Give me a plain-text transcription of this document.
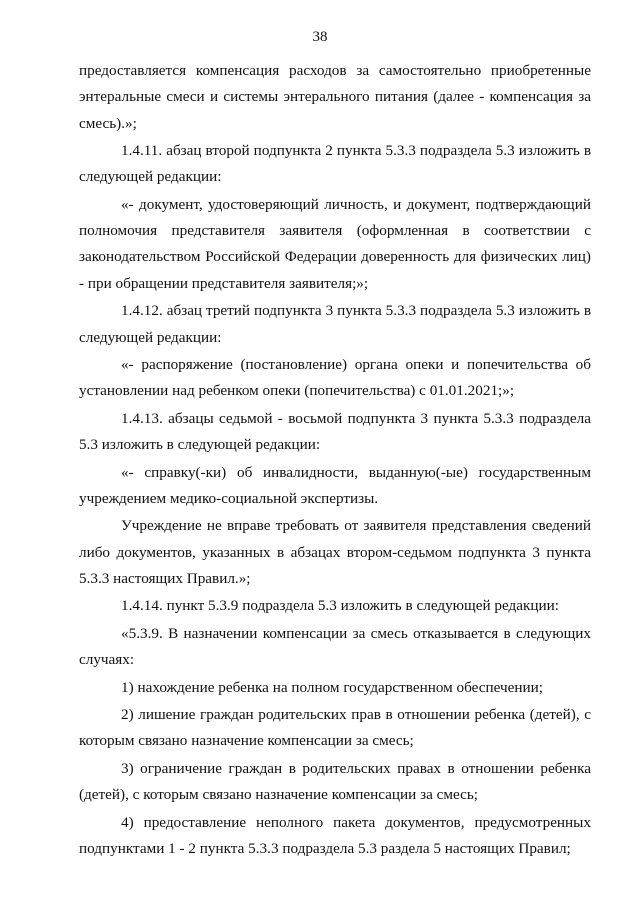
38

предоставляется компенсация расходов за самостоятельно приобретенные энтеральные смеси и системы энтерального питания (далее - компенсация за смесь).»;

1.4.11. абзац второй подпункта 2 пункта 5.3.3 подраздела 5.3 изложить в следующей редакции:

«- документ, удостоверяющий личность, и документ, подтверждающий полномочия представителя заявителя (оформленная в соответствии с законодательством Российской Федерации доверенность для физических лиц) - при обращении представителя заявителя;»;

1.4.12. абзац третий подпункта 3 пункта 5.3.3 подраздела 5.3 изложить в следующей редакции:

«- распоряжение (постановление) органа опеки и попечительства об установлении над ребенком опеки (попечительства) с 01.01.2021;»;

1.4.13. абзацы седьмой - восьмой подпункта 3 пункта 5.3.3 подраздела 5.3 изложить в следующей редакции:

«- справку(-ки) об инвалидности, выданную(-ые) государственным учреждением медико-социальной экспертизы.

Учреждение не вправе требовать от заявителя представления сведений либо документов, указанных в абзацах втором-седьмом подпункта 3 пункта 5.3.3 настоящих Правил.»;

1.4.14. пункт 5.3.9 подраздела 5.3 изложить в следующей редакции:

«5.3.9. В назначении компенсации за смесь отказывается в следующих случаях:

1) нахождение ребенка на полном государственном обеспечении;

2) лишение граждан родительских прав в отношении ребенка (детей), с которым связано назначение компенсации за смесь;

3) ограничение граждан в родительских правах в отношении ребенка (детей), с которым связано назначение компенсации за смесь;

4) предоставление неполного пакета документов, предусмотренных подпунктами 1 - 2 пункта 5.3.3 подраздела 5.3 раздела 5 настоящих Правил;
